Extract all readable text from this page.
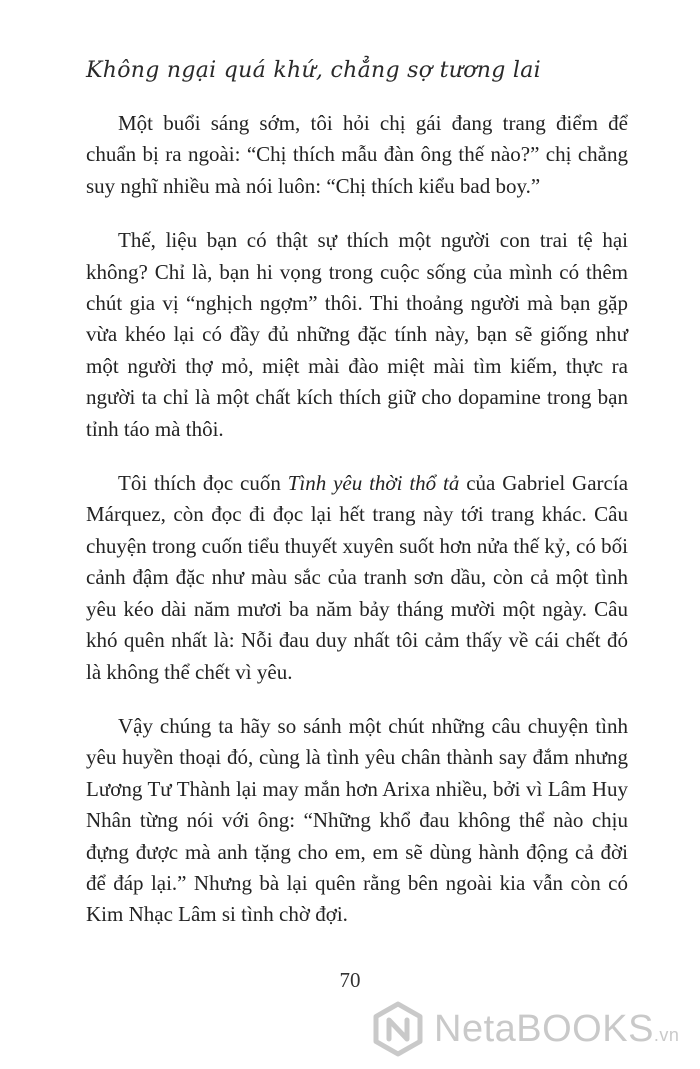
Không ngại quá khứ, chẳng sợ tương lai

Một buổi sáng sớm, tôi hỏi chị gái đang trang điểm để chuẩn bị ra ngoài: “Chị thích mẫu đàn ông thế nào?” chị chẳng suy nghĩ nhiều mà nói luôn: “Chị thích kiểu bad boy.”

Thế, liệu bạn có thật sự thích một người con trai tệ hại không? Chỉ là, bạn hi vọng trong cuộc sống của mình có thêm chút gia vị “nghịch ngợm” thôi. Thi thoảng người mà bạn gặp vừa khéo lại có đầy đủ những đặc tính này, bạn sẽ giống như một người thợ mỏ, miệt mài đào miệt mài tìm kiếm, thực ra người ta chỉ là một chất kích thích giữ cho dopamine trong bạn tỉnh táo mà thôi.

Tôi thích đọc cuốn Tình yêu thời thổ tả của Gabriel García Márquez, còn đọc đi đọc lại hết trang này tới trang khác. Câu chuyện trong cuốn tiểu thuyết xuyên suốt hơn nửa thế kỷ, có bối cảnh đậm đặc như màu sắc của tranh sơn dầu, còn cả một tình yêu kéo dài năm mươi ba năm bảy tháng mười một ngày. Câu khó quên nhất là: Nỗi đau duy nhất tôi cảm thấy về cái chết đó là không thể chết vì yêu.

Vậy chúng ta hãy so sánh một chút những câu chuyện tình yêu huyền thoại đó, cùng là tình yêu chân thành say đắm nhưng Lương Tư Thành lại may mắn hơn Arixa nhiều, bởi vì Lâm Huy Nhân từng nói với ông: “Những khổ đau không thể nào chịu đựng được mà anh tặng cho em, em sẽ dùng hành động cả đời để đáp lại.” Nhưng bà lại quên rằng bên ngoài kia vẫn còn có Kim Nhạc Lâm si tình chờ đợi.

70
NetaBOOKS.vn
